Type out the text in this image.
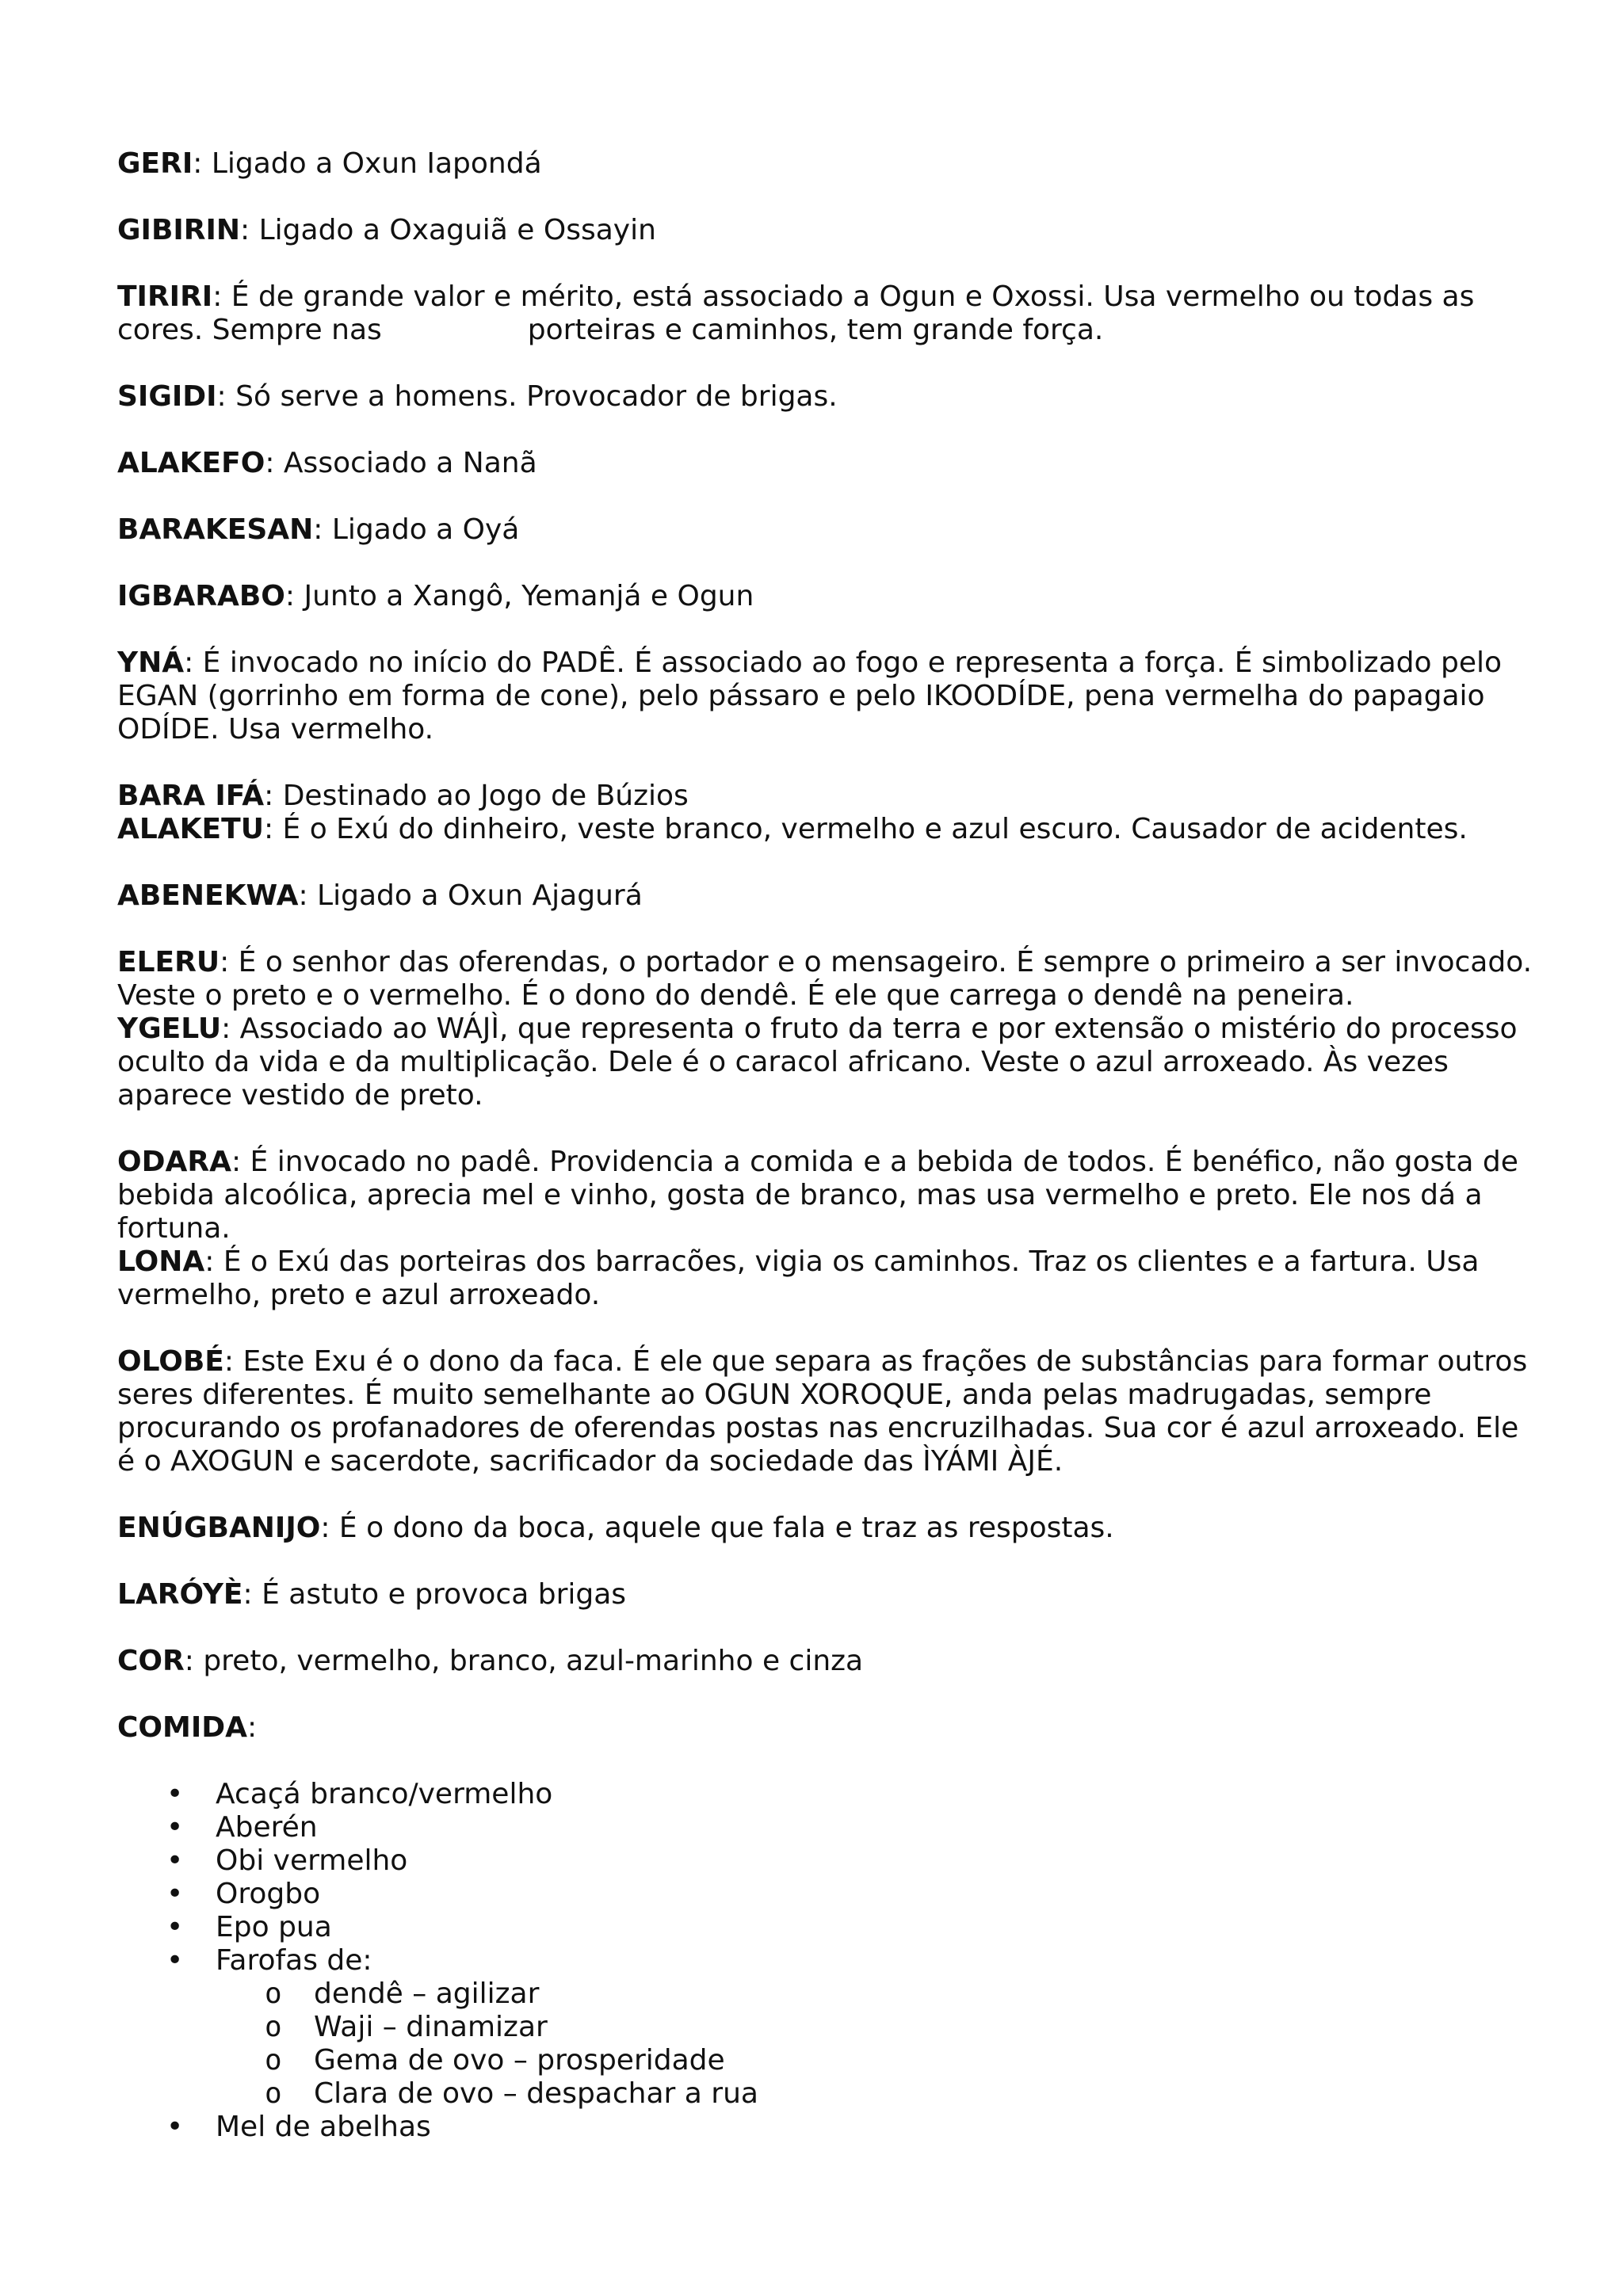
GERI: Ligado a Oxun Iapondá

GIBIRIN: Ligado a Oxaguiã e Ossayin

TIRIRI: É de grande valor e mérito, está associado a Ogun e Oxossi. Usa vermelho ou todas as cores. Sempre nas	porteiras e caminhos, tem grande força.

SIGIDI: Só serve a homens. Provocador de brigas.

ALAKEFO: Associado a Nanã

BARAKESAN: Ligado a Oyá

IGBARABO: Junto a Xangô, Yemanjá e Ogun

YNÁ: É invocado no início do PADÊ. É associado ao fogo e representa a força. É simbolizado pelo EGAN (gorrinho em forma de cone), pelo pássaro e pelo IKOODÍDE, pena vermelha do papagaio ODÍDE. Usa vermelho.

BARA IFÁ: Destinado ao Jogo de Búzios

ALAKETU: É o Exú do dinheiro, veste branco, vermelho e azul escuro. Causador de acidentes.

ABENEKWA: Ligado a Oxun Ajagurá

ELERU: É o senhor das oferendas, o portador e o mensageiro. É sempre o primeiro a ser invocado. Veste o preto e o vermelho. É o dono do dendê. É ele que carrega o dendê na peneira.

YGELU: Associado ao WÁJÌ, que representa o fruto da terra e por extensão o mistério do processo oculto da vida e da multiplicação. Dele é o caracol africano. Veste o azul arroxeado. Às vezes aparece vestido de preto.

ODARA: É invocado no padê. Providencia a comida e a bebida de todos. É benéfico, não gosta de bebida alcoólica, aprecia mel e vinho, gosta de branco, mas usa vermelho e preto. Ele nos dá a fortuna.

LONA: É o Exú das porteiras dos barracões, vigia os caminhos. Traz os clientes e a fartura. Usa vermelho, preto e azul arroxeado.

OLOBÉ: Este Exu é o dono da faca. É ele que separa as frações de substâncias para formar outros seres diferentes. É muito semelhante ao OGUN XOROQUE, anda pelas madrugadas, sempre procurando os profanadores de oferendas postas nas encruzilhadas. Sua cor é azul arroxeado. Ele é o AXOGUN e sacerdote, sacrificador da sociedade das ÌYÁMI ÀJÉ.

ENÚGBANIJO: É o dono da boca, aquele que fala e traz as respostas.

LARÓYÈ: É astuto e provoca brigas

COR: preto, vermelho, branco, azul-marinho e cinza

COMIDA:

• Acaçá branco/vermelho
• Aberén
• Obi vermelho
• Orogbo
• Epo pua
• Farofas de:
o dendê – agilizar
o Waji – dinamizar
o Gema de ovo – prosperidade
o Clara de ovo – despachar a rua
• Mel de abelhas
